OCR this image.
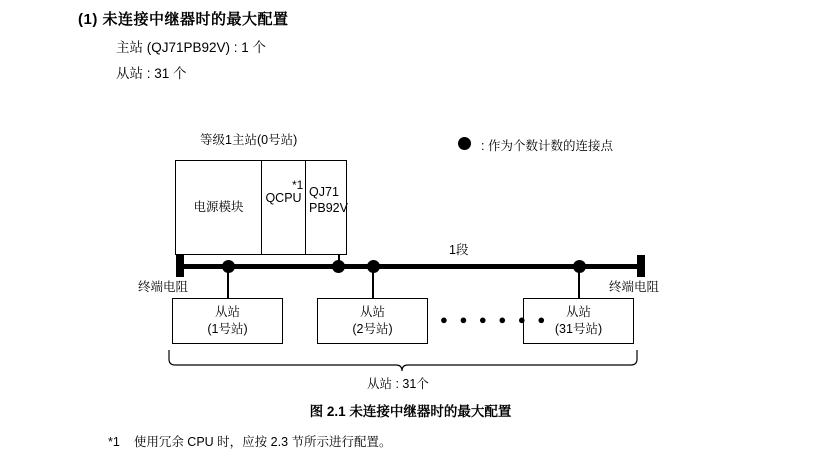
(1) 未连接中继器时的最大配置
主站 (QJ71PB92V) : 1 个
从站 : 31 个
等级1主站(0号站)	: 作为个数计数的连接点
电源模块
QCPU QJ71
PB92V
*1
1段
终端电阻	终端电阻
从站
(1号站)
从站
(2号站)
从站
(31号站)
● ● ● ● ● ●
从站 : 31个
图 2.1 未连接中继器时的最大配置
*1 使用冗余 CPU 时，应按 2.3 节所示进行配置。
